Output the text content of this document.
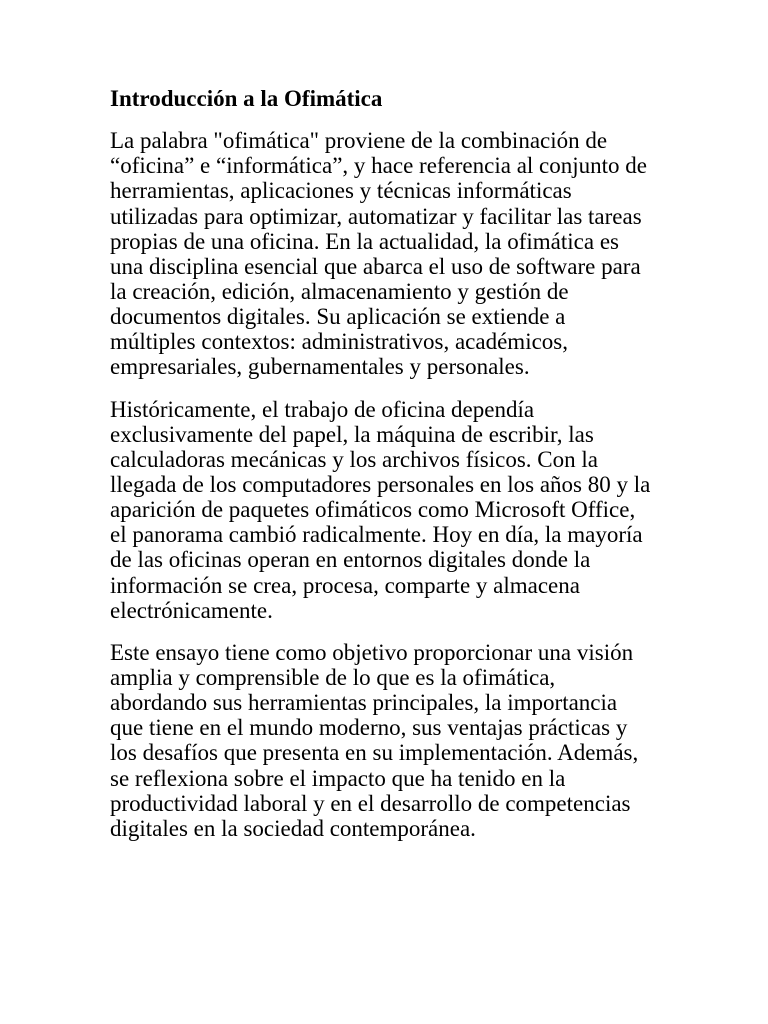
Introducción a la Ofimática
La palabra "ofimática" proviene de la combinación de
“oficina” e “informática”, y hace referencia al conjunto de
herramientas, aplicaciones y técnicas informáticas
utilizadas para optimizar, automatizar y facilitar las tareas
propias de una oficina. En la actualidad, la ofimática es
una disciplina esencial que abarca el uso de software para
la creación, edición, almacenamiento y gestión de
documentos digitales. Su aplicación se extiende a
múltiples contextos: administrativos, académicos,
empresariales, gubernamentales y personales.
Históricamente, el trabajo de oficina dependía
exclusivamente del papel, la máquina de escribir, las
calculadoras mecánicas y los archivos físicos. Con la
llegada de los computadores personales en los años 80 y la
aparición de paquetes ofimáticos como Microsoft Office,
el panorama cambió radicalmente. Hoy en día, la mayoría
de las oficinas operan en entornos digitales donde la
información se crea, procesa, comparte y almacena
electrónicamente.
Este ensayo tiene como objetivo proporcionar una visión
amplia y comprensible de lo que es la ofimática,
abordando sus herramientas principales, la importancia
que tiene en el mundo moderno, sus ventajas prácticas y
los desafíos que presenta en su implementación. Además,
se reflexiona sobre el impacto que ha tenido en la
productividad laboral y en el desarrollo de competencias
digitales en la sociedad contemporánea.
